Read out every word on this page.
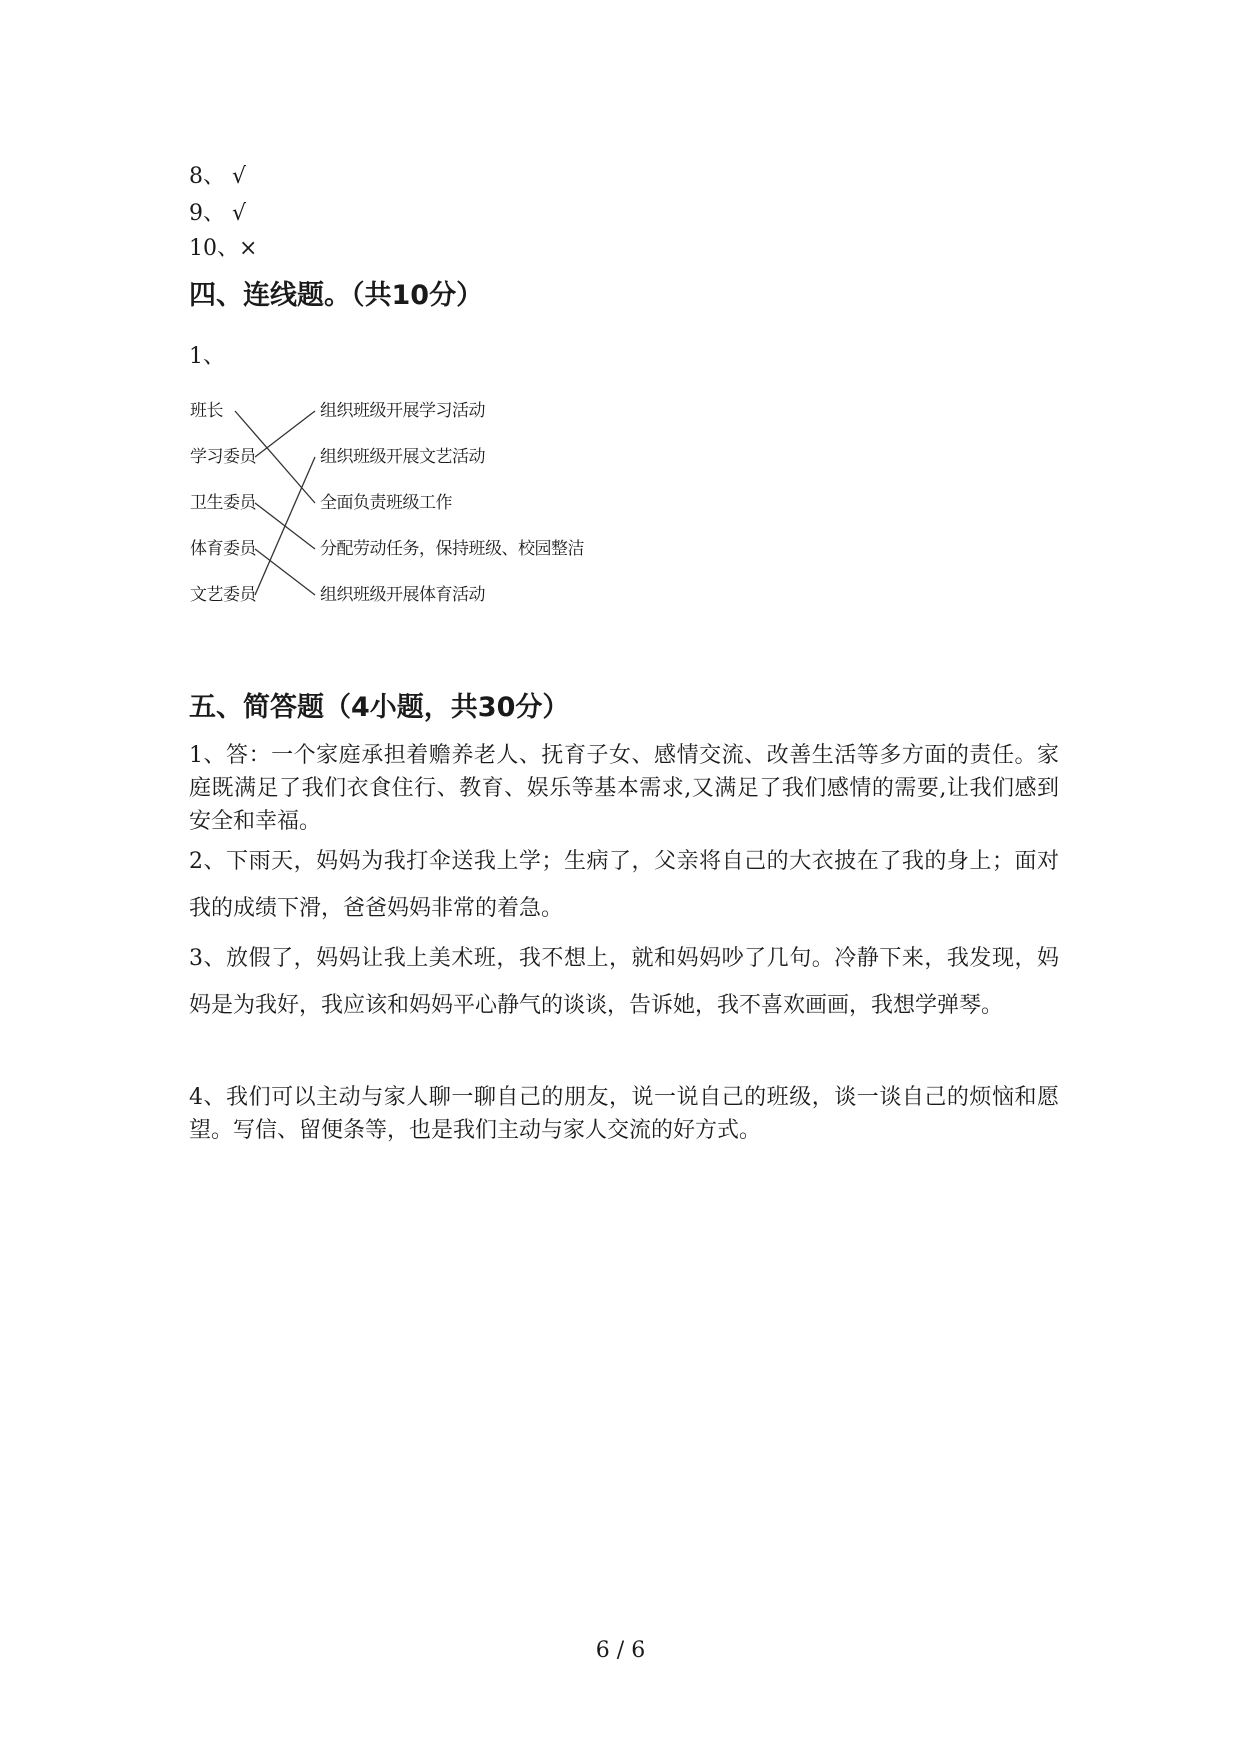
8、 √
9、 √
10、×
四、连线题。（共10分）
1、
班长
学习委员
卫生委员
体育委员
文艺委员
组织班级开展学习活动
组织班级开展文艺活动
全面负责班级工作
分配劳动任务，保持班级、校园整洁
组织班级开展体育活动
五、简答题（4小题，共30分）
1、答：一个家庭承担着赡养老人、抚育子女、感情交流、改善生活等多方面的责任。家庭既满足了我们衣食住行、教育、娱乐等基本需求,又满足了我们感情的需要,让我们感到安全和幸福。
2、下雨天，妈妈为我打伞送我上学；生病了，父亲将自己的大衣披在了我的身上；面对我的成绩下滑，爸爸妈妈非常的着急。
3、放假了，妈妈让我上美术班，我不想上，就和妈妈吵了几句。冷静下来，我发现，妈妈是为我好，我应该和妈妈平心静气的谈谈，告诉她，我不喜欢画画，我想学弹琴。
4、我们可以主动与家人聊一聊自己的朋友，说一说自己的班级，谈一谈自己的烦恼和愿望。写信、留便条等，也是我们主动与家人交流的好方式。
6 / 6
